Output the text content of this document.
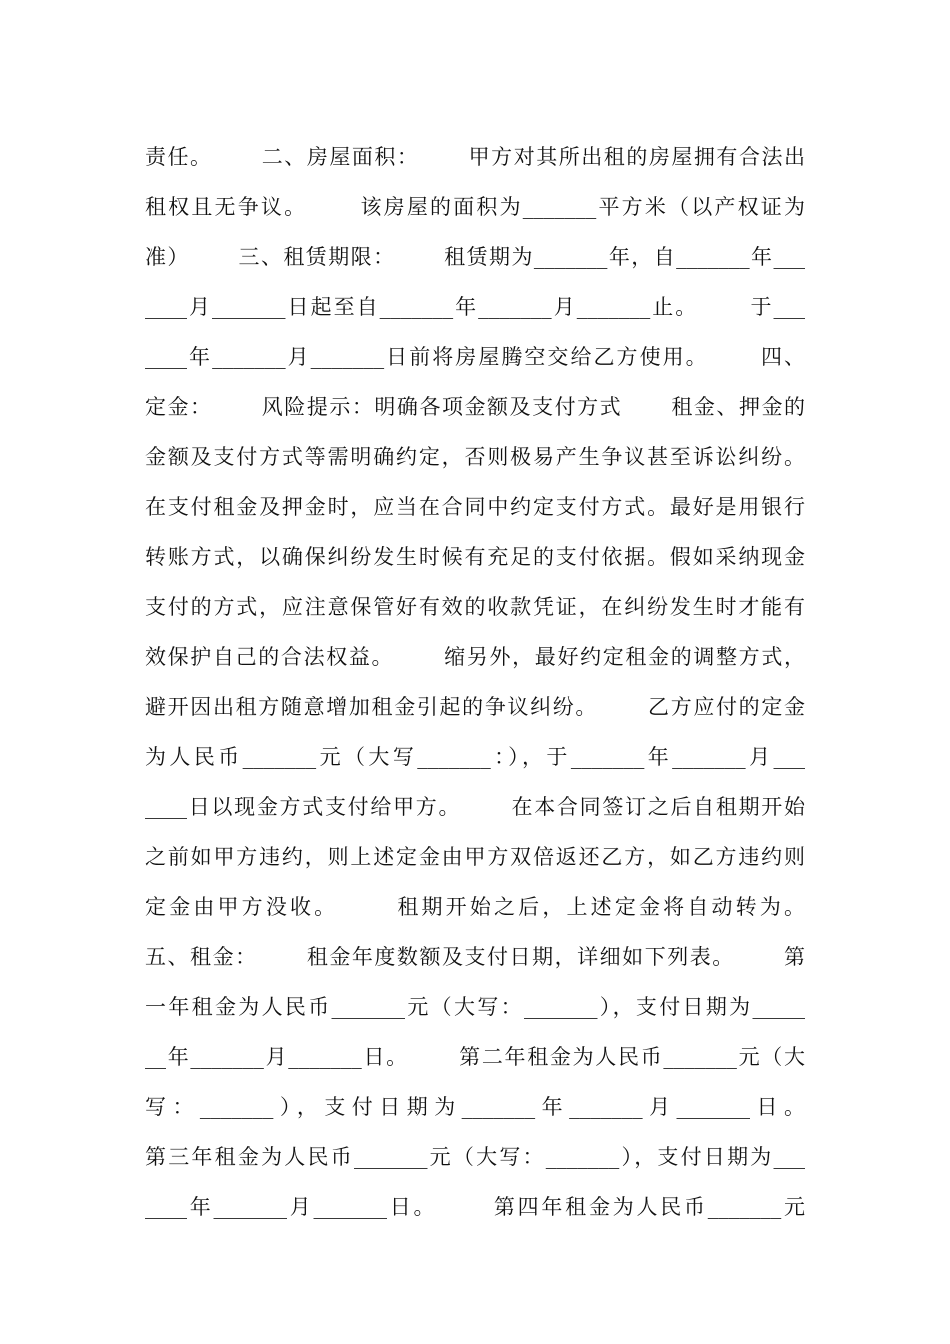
责任。      二、房屋面积：      甲方对其所出租的房屋拥有合法出
租权且无争议。      该房屋的面积为_______平方米（以产权证为
准）      三、租赁期限：      租赁期为_______年，自_______年___
____月_______日起至自_______年_______月_______止。      于___
____年_______月_______日前将房屋腾空交给乙方使用。      四、
定金：      风险提示：明确各项金额及支付方式      租金、押金的
金额及支付方式等需明确约定，否则极易产生争议甚至诉讼纠纷。
在支付租金及押金时，应当在合同中约定支付方式。最好是用银行
转账方式，以确保纠纷发生时候有充足的支付依据。假如采纳现金
支付的方式，应注意保管好有效的收款凭证，在纠纷发生时才能有
效保护自己的合法权益。      缩另外，最好约定租金的调整方式，
避开因出租方随意增加租金引起的争议纠纷。      乙方应付的定金
为人民币_______元（大写_______：），于_______年_______月___
____日以现金方式支付给甲方。      在本合同签订之后自租期开始
之前如甲方违约，则上述定金由甲方双倍返还乙方，如乙方违约则
定金由甲方没收。      租期开始之后，上述定金将自动转为。
五、租金：      租金年度数额及支付日期，详细如下列表。      第
一年租金为人民币_______元（大写：_______），支付日期为_____
__年_______月_______日。      第二年租金为人民币_______元（大
写：_______），支付日期为_______年_______月_______日。
第三年租金为人民币_______元（大写：_______），支付日期为___
____年_______月_______日。      第四年租金为人民币_______元
